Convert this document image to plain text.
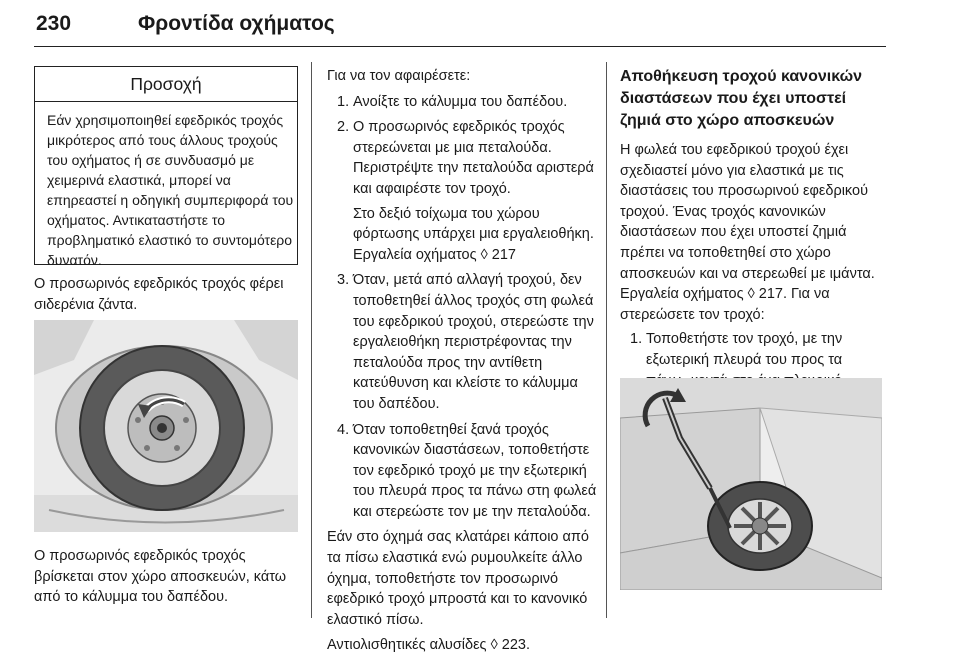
230	Φροντίδα οχήματος
Προσοχή
Εάν χρησιμοποιηθεί εφεδρικός τροχός μικρότερος από τους άλλους τροχούς του οχήματος ή σε συνδυασμό με χειμερινά ελαστικά, μπορεί να επηρεαστεί η οδηγική συμπεριφορά του οχήματος. Αντικαταστήστε το προβληματικό ελαστικό το συντομότερο δυνατόν.
Ο προσωρινός εφεδρικός τροχός φέρει σιδερένια ζάντα.
Ο προσωρινός εφεδρικός τροχός βρίσκεται στον χώρο αποσκευών, κάτω από το κάλυμμα του δαπέδου.
Για να τον αφαιρέσετε:
1. Ανοίξτε το κάλυμμα του δαπέδου.
2. Ο προσωρινός εφεδρικός τροχός στερεώνεται με μια πεταλούδα. Περιστρέψτε την πεταλούδα αριστερά και αφαιρέστε τον τροχό.
Στο δεξιό τοίχωμα του χώρου φόρτωσης υπάρχει μια εργαλειοθήκη. Εργαλεία οχήματος ◊ 217
3. Όταν, μετά από αλλαγή τροχού, δεν τοποθετηθεί άλλος τροχός στη φωλεά του εφεδρικού τροχού, στερεώστε την εργαλειοθήκη περιστρέφοντας την πεταλούδα προς την αντίθετη κατεύθυνση και κλείστε το κάλυμμα του δαπέδου.
4. Όταν τοποθετηθεί ξανά τροχός κανονικών διαστάσεων, τοποθετήστε τον εφεδρικό τροχό με την εξωτερική του πλευρά προς τα πάνω στη φωλεά και στερεώστε τον με την πεταλούδα.
Εάν στο όχημά σας κλατάρει κάποιο από τα πίσω ελαστικά ενώ ρυμουλκείτε άλλο όχημα, τοποθετήστε τον προσωρινό εφεδρικό τροχό μπροστά και το κανονικό ελαστικό πίσω.
Αντιολισθητικές αλυσίδες ◊ 223.
Αποθήκευση τροχού κανονικών διαστάσεων που έχει υποστεί ζημιά στο χώρο αποσκευών
Η φωλεά του εφεδρικού τροχού έχει σχεδιαστεί μόνο για ελαστικά με τις διαστάσεις του προσωρινού εφεδρικού τροχού. Ένας τροχός κανονικών διαστάσεων που έχει υποστεί ζημιά πρέπει να τοποθετηθεί στο χώρο αποσκευών και να στερεωθεί με ιμάντα. Εργαλεία οχήματος ◊ 217. Για να στερεώσετε τον τροχό:
1. Τοποθετήστε τον τροχό, με την εξωτερική πλευρά του προς τα
